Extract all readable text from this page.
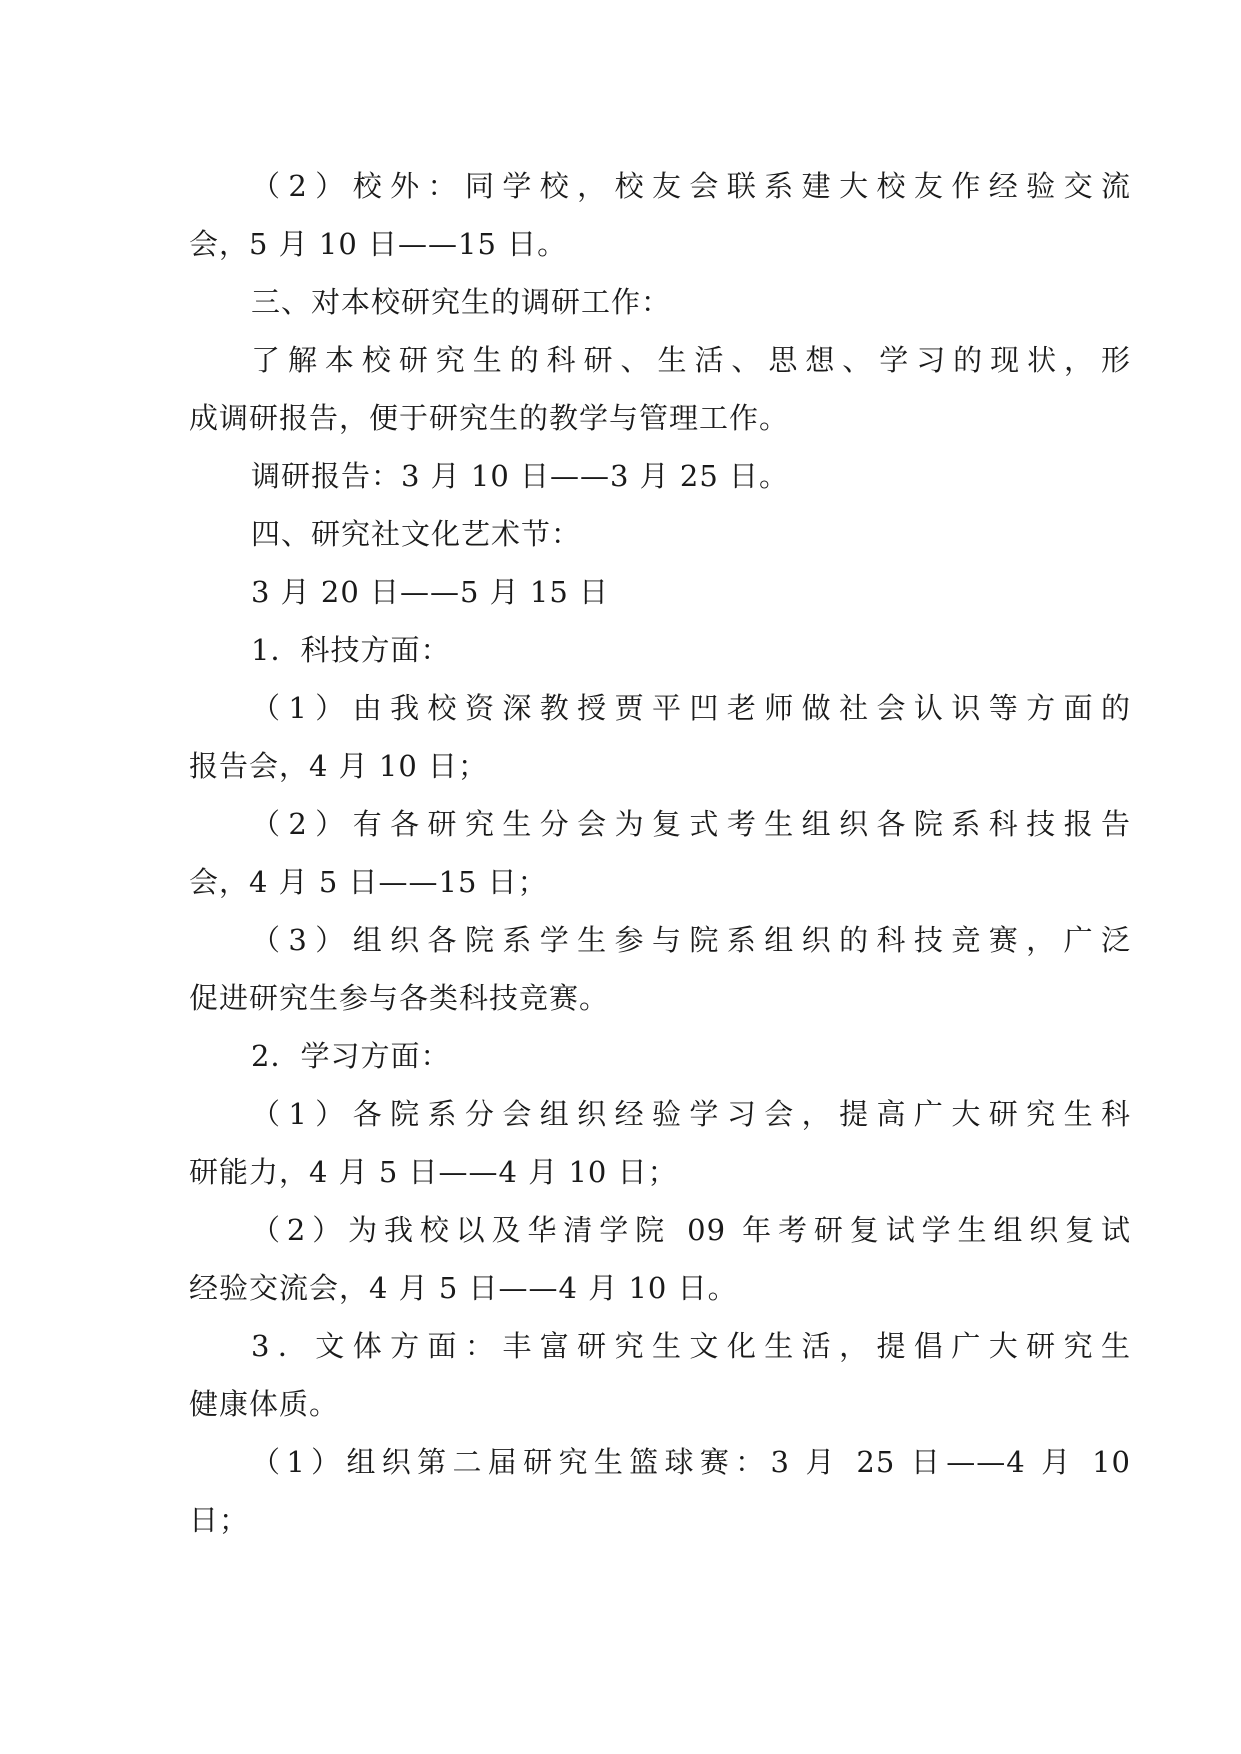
（2）校外：同学校，校友会联系建大校友作经验交流
会，5 月 10 日——15 日。
三、对本校研究生的调研工作：
了解本校研究生的科研、生活、思想、学习的现状，形
成调研报告，便于研究生的教学与管理工作。
调研报告：3 月 10 日——3 月 25 日。
四、研究社文化艺术节：
3 月 20 日——5 月 15 日
1．科技方面：
（1）由我校资深教授贾平凹老师做社会认识等方面的
报告会，4 月 10 日；
（2）有各研究生分会为复式考生组织各院系科技报告
会，4 月 5 日——15 日；
（3）组织各院系学生参与院系组织的科技竞赛，广泛
促进研究生参与各类科技竞赛。
2．学习方面：
（1）各院系分会组织经验学习会，提高广大研究生科
研能力，4 月 5 日——4 月 10 日；
（2）为我校以及华清学院 09 年考研复试学生组织复试
经验交流会，4 月 5 日——4 月 10 日。
3．文体方面：丰富研究生文化生活，提倡广大研究生
健康体质。
（1）组织第二届研究生篮球赛：3 月 25 日——4 月 10
日；
